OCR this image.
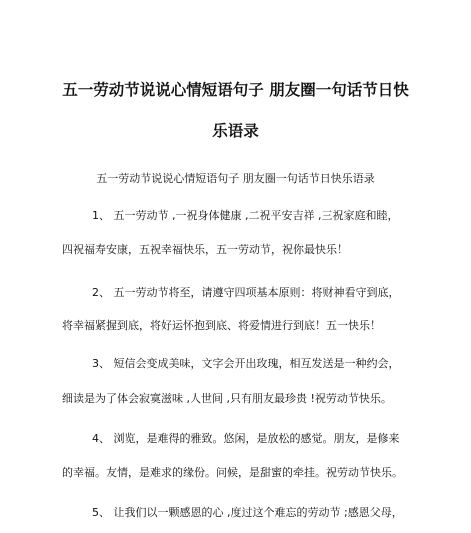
五一劳动节说说心情短语句子 朋友圈一句话节日快
乐语录
五一劳动节说说心情短语句子 朋友圈一句话节日快乐语录
1、 五一劳动节 ,一祝身体健康 ,二祝平安吉祥 ,三祝家庭和睦，
四祝福寿安康，五祝幸福快乐，五一劳动节，祝你最快乐！
2、 五一劳动节将至，请遵守四项基本原则：将财神看守到底，
将幸福紧握到底，将好运怀抱到底、将爱情进行到底！五一快乐！
3、 短信会变成美味，文字会开出玫瑰，相互发送是一种约会，
细读是为了体会寂寞滋味 ,人世间 ,只有朋友最珍贵 !祝劳动节快乐。
4、 浏览，是难得的雅致。悠闲，是放松的感觉。朋友，是修来
的幸福。友情，是难求的缘份。问候，是甜蜜的牵挂。祝劳动节快乐。
5、 让我们以一颗感恩的心 ,度过这个难忘的劳动节 ;感恩父母，
